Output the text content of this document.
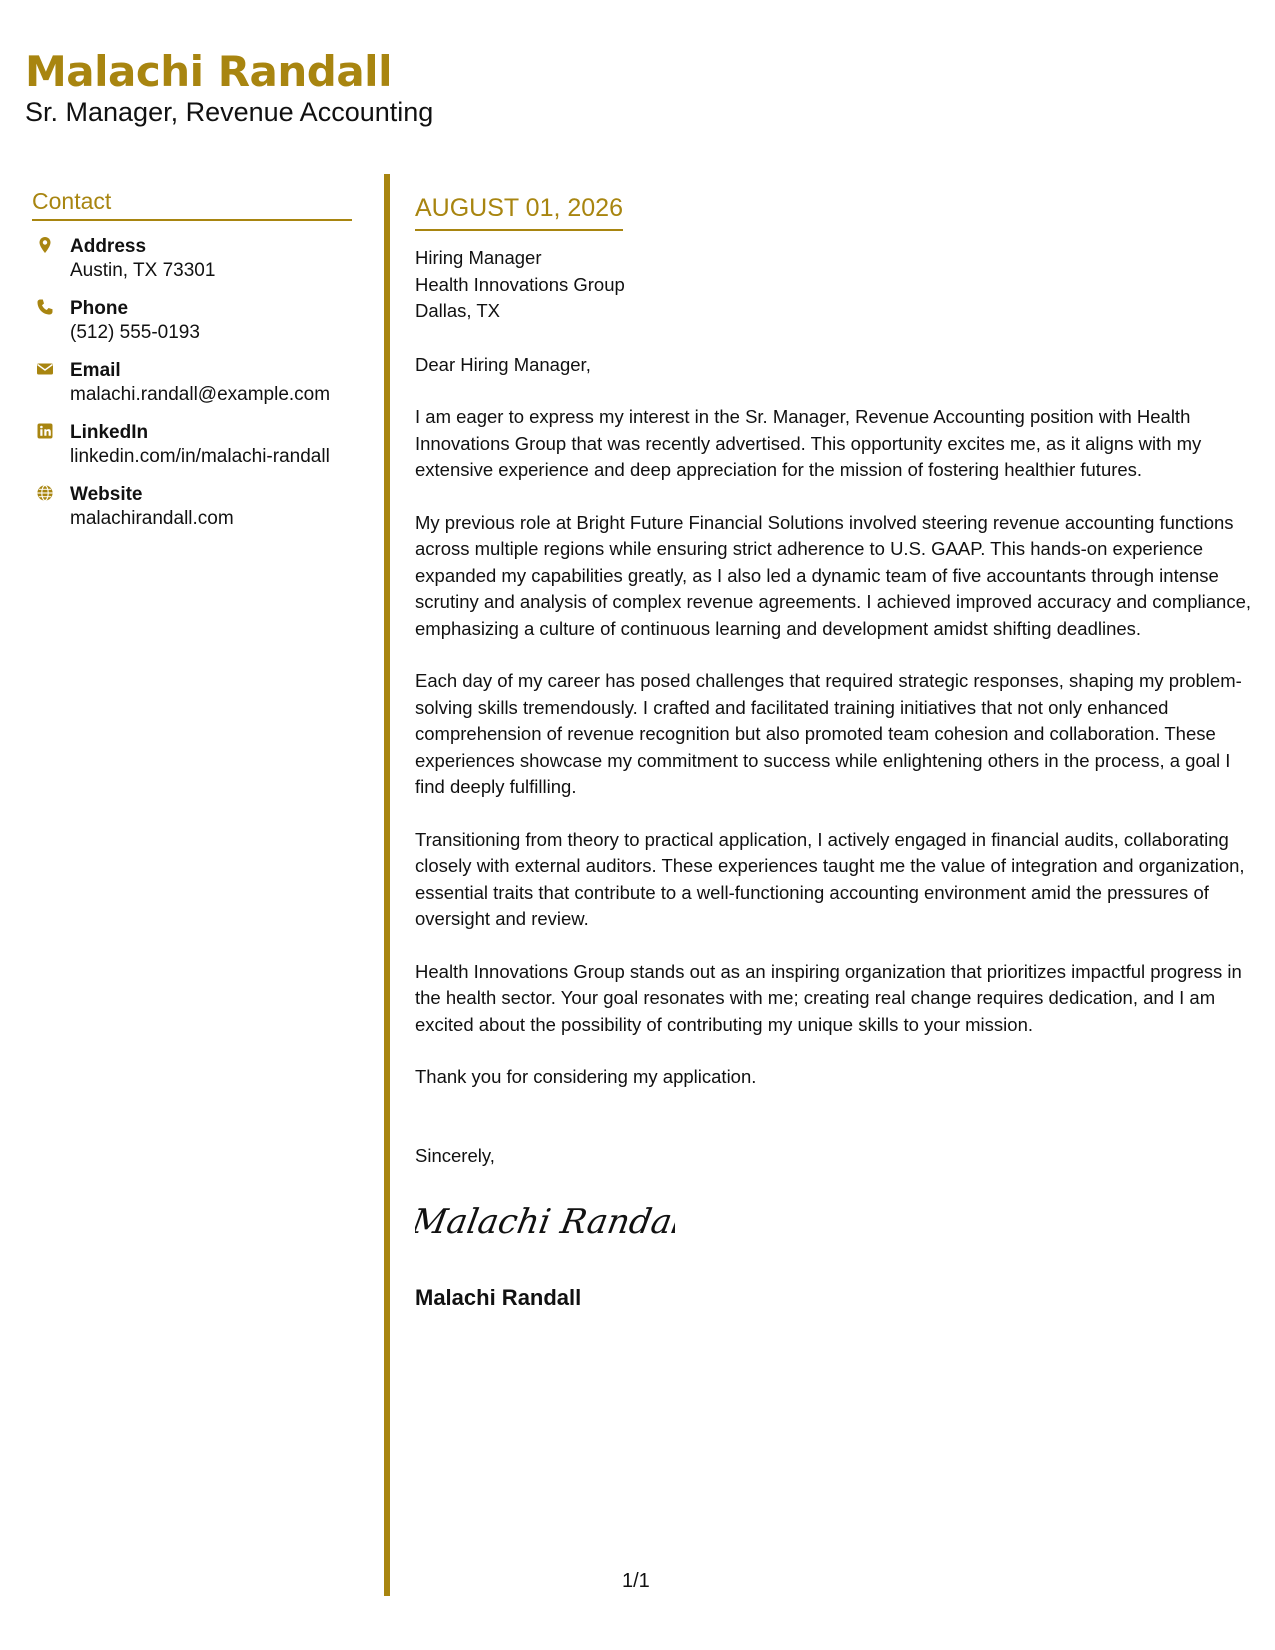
Malachi Randall
Sr. Manager, Revenue Accounting
Contact
Address
Austin, TX 73301
Phone
(512) 555-0193
Email
malachi.randall@example.com
LinkedIn
linkedin.com/in/malachi-randall
Website
malachirandall.com
AUGUST 01, 2026
Hiring Manager
Health Innovations Group
Dallas, TX
Dear Hiring Manager,
I am eager to express my interest in the Sr. Manager, Revenue Accounting position with Health Innovations Group that was recently advertised. This opportunity excites me, as it aligns with my extensive experience and deep appreciation for the mission of fostering healthier futures.
My previous role at Bright Future Financial Solutions involved steering revenue accounting functions across multiple regions while ensuring strict adherence to U.S. GAAP. This hands-on experience expanded my capabilities greatly, as I also led a dynamic team of five accountants through intense scrutiny and analysis of complex revenue agreements. I achieved improved accuracy and compliance, emphasizing a culture of continuous learning and development amidst shifting deadlines.
Each day of my career has posed challenges that required strategic responses, shaping my problem-solving skills tremendously. I crafted and facilitated training initiatives that not only enhanced comprehension of revenue recognition but also promoted team cohesion and collaboration. These experiences showcase my commitment to success while enlightening others in the process, a goal I find deeply fulfilling.
Transitioning from theory to practical application, I actively engaged in financial audits, collaborating closely with external auditors. These experiences taught me the value of integration and organization, essential traits that contribute to a well-functioning accounting environment amid the pressures of oversight and review.
Health Innovations Group stands out as an inspiring organization that prioritizes impactful progress in the health sector. Your goal resonates with me; creating real change requires dedication, and I am excited about the possibility of contributing my unique skills to your mission.
Thank you for considering my application.
Sincerely,
Malachi Randall
Malachi Randall
1/1
